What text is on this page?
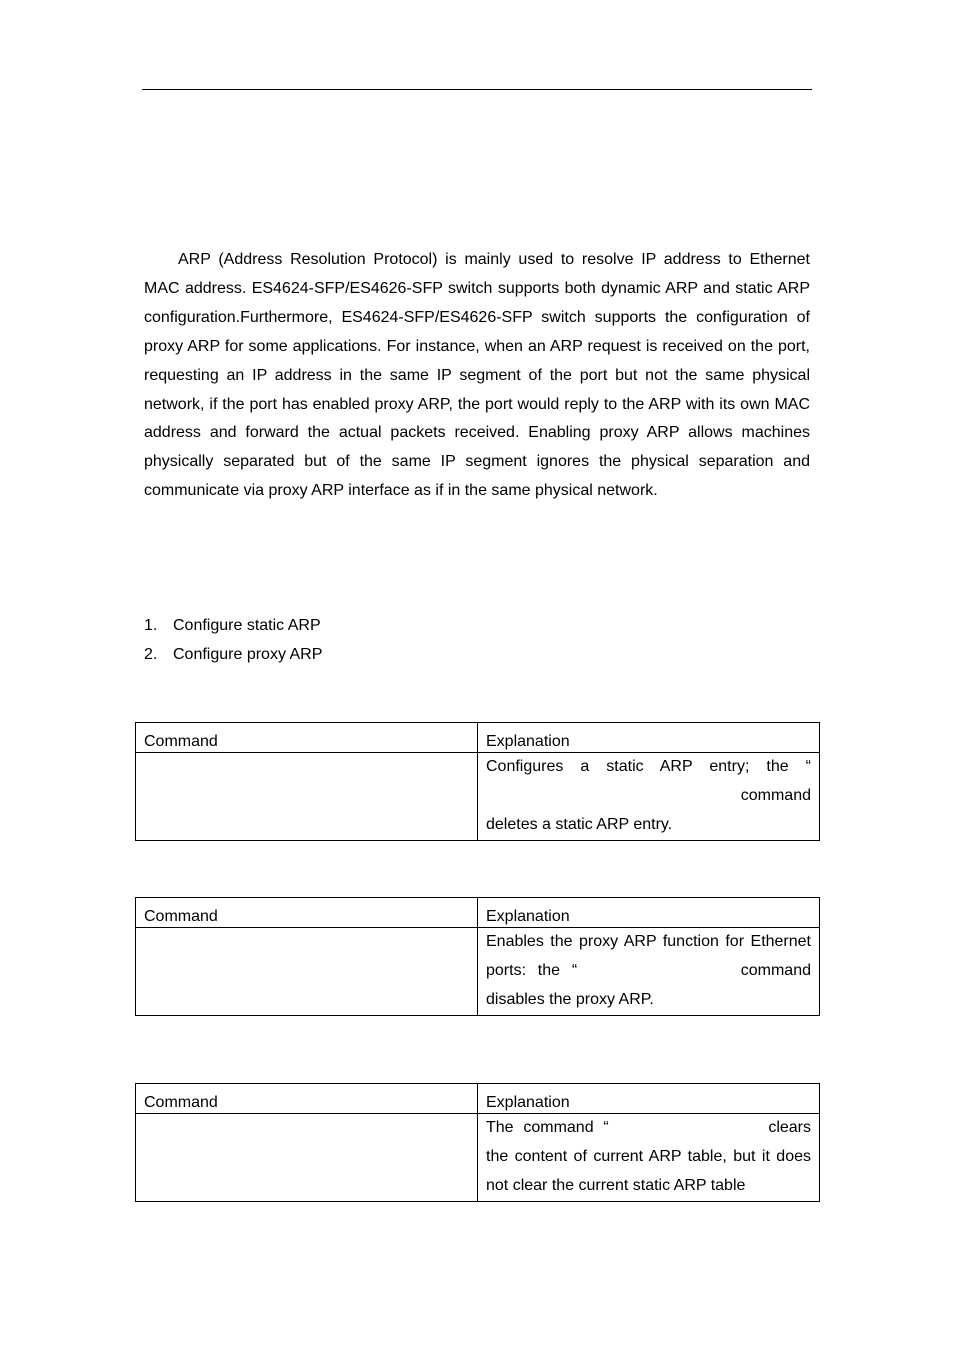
ARP (Address Resolution Protocol) is mainly used to resolve IP address to Ethernet MAC address. ES4624-SFP/ES4626-SFP switch supports both dynamic ARP and static ARP configuration.Furthermore, ES4624-SFP/ES4626-SFP switch supports the configuration of proxy ARP for some applications. For instance, when an ARP request is received on the port, requesting an IP address in the same IP segment of the port but not the same physical network, if the port has enabled proxy ARP, the port would reply to the ARP with its own MAC address and forward the actual packets received. Enabling proxy ARP allows machines physically separated but of the same IP segment ignores the physical separation and communicate via proxy ARP interface as if in the same physical network.

1. Configure static ARP
2. Configure proxy ARP
Command	Explanation

	Configures a static ARP entry; the “   command deletes a static ARP entry.

Command	Explanation

	Enables the proxy ARP function for Ethernet ports: the “ command disables the proxy ARP.

Command	Explanation

	The command “ clears the content of current ARP table, but it does not clear the current static ARP table
